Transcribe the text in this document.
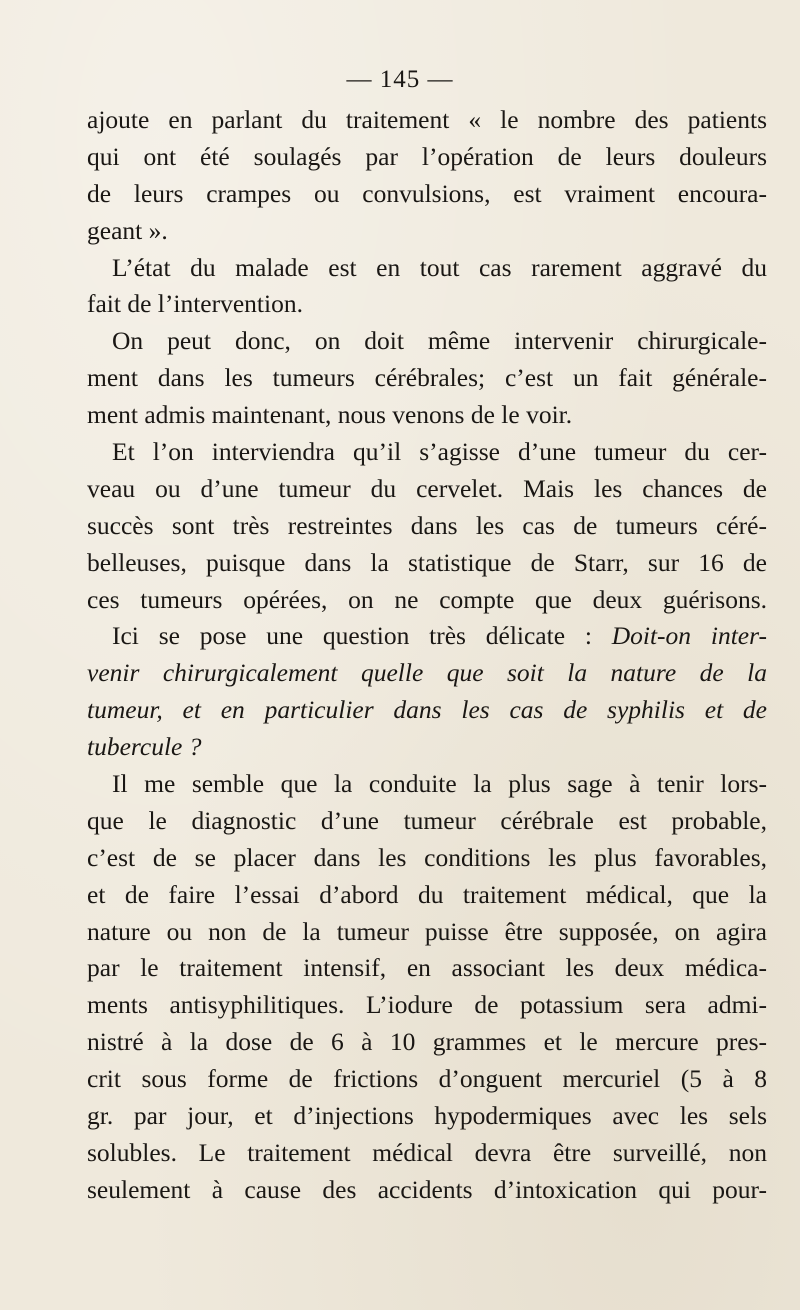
— 145 —
ajoute en parlant du traitement « le nombre des patients
qui ont été soulagés par l’opération de leurs douleurs
de leurs crampes ou convulsions, est vraiment encoura-
geant ».
L’état du malade est en tout cas rarement aggravé du
fait de l’intervention.
On peut donc, on doit même intervenir chirurgicale-
ment dans les tumeurs cérébrales; c’est un fait générale-
ment admis maintenant, nous venons de le voir.
Et l’on interviendra qu’il s’agisse d’une tumeur du cer-
veau ou d’une tumeur du cervelet. Mais les chances de
succès sont très restreintes dans les cas de tumeurs céré-
belleuses, puisque dans la statistique de Starr, sur 16 de
ces tumeurs opérées, on ne compte que deux guérisons.
Ici se pose une question très délicate : Doit-on inter-
venir chirurgicalement quelle que soit la nature de la
tumeur, et en particulier dans les cas de syphilis et de
tubercule ?
Il me semble que la conduite la plus sage à tenir lors-
que le diagnostic d’une tumeur cérébrale est probable,
c’est de se placer dans les conditions les plus favorables,
et de faire l’essai d’abord du traitement médical, que la
nature ou non de la tumeur puisse être supposée, on agira
par le traitement intensif, en associant les deux médica-
ments antisyphilitiques. L’iodure de potassium sera admi-
nistré à la dose de 6 à 10 grammes et le mercure pres-
crit sous forme de frictions d’onguent mercuriel (5 à 8
gr. par jour, et d’injections hypodermiques avec les sels
solubles. Le traitement médical devra être surveillé, non
seulement à cause des accidents d’intoxication qui pour-
